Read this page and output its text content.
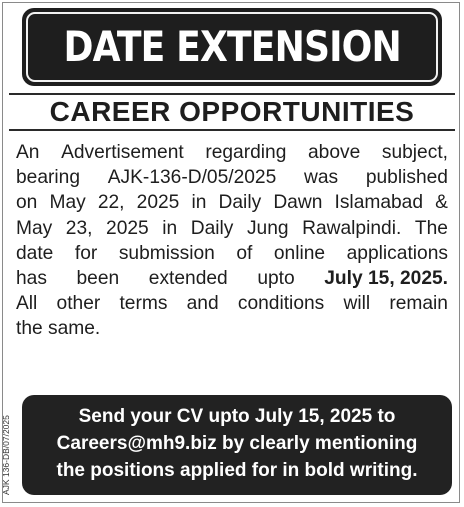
DATE EXTENSION
CAREER OPPORTUNITIES
An Advertisement regarding above subject,
bearing AJK-136-D/05/2025 was published
on May 22, 2025 in Daily Dawn Islamabad &
May 23, 2025 in Daily Jung Rawalpindi. The
date for submission of online applications
has been extended upto July 15, 2025.
All other terms and conditions will remain
the same.
AJK 136-DB/07/2025	Send your CV upto July 15, 2025 to
Careers@mh9.biz by clearly mentioning
the positions applied for in bold writing.
